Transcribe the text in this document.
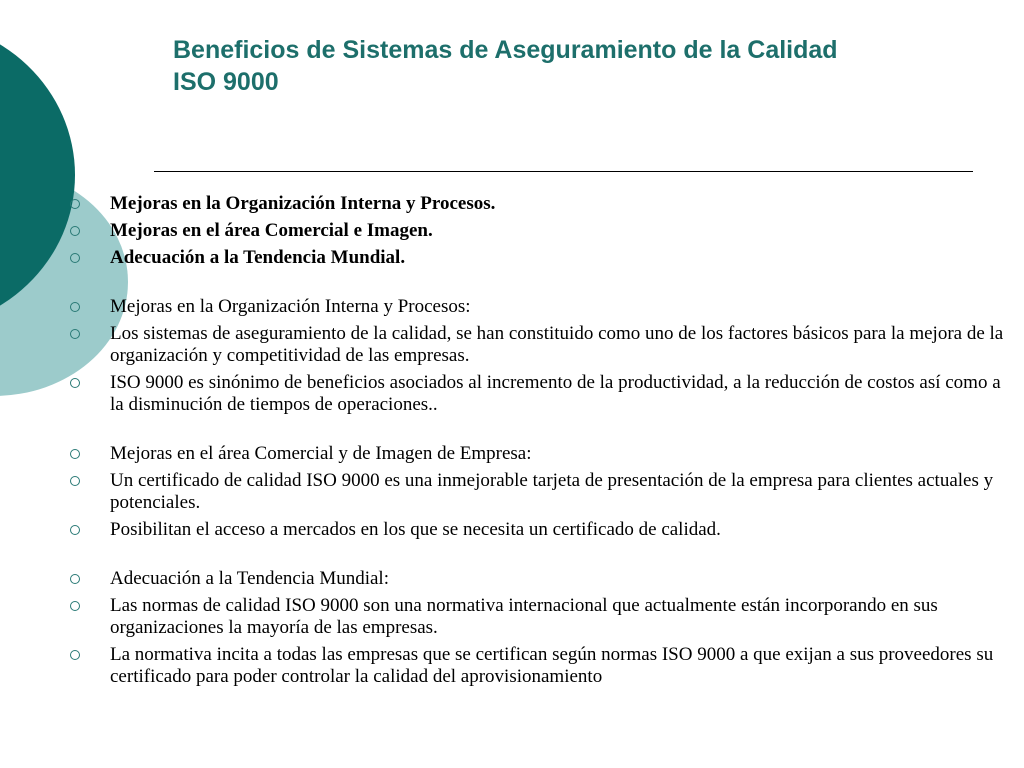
Beneficios de Sistemas de Aseguramiento de la Calidad
ISO 9000
Mejoras en la Organización Interna y Procesos.
Mejoras en el área Comercial e Imagen.
Adecuación a la Tendencia Mundial.
Mejoras en la Organización Interna y Procesos:
Los sistemas de aseguramiento de la calidad, se han constituido como uno de los factores básicos para la mejora de la organización y competitividad de las empresas.
ISO 9000 es sinónimo de beneficios asociados al incremento de la productividad, a la reducción de costos así como a la disminución de tiempos de operaciones..
Mejoras en el área Comercial y de Imagen de Empresa:
Un certificado de calidad ISO 9000 es una inmejorable tarjeta de presentación de la empresa para clientes actuales y potenciales.
Posibilitan el acceso a mercados en los que se necesita un certificado de calidad.
Adecuación a la Tendencia Mundial:
Las normas de calidad ISO 9000 son una normativa internacional que actualmente están incorporando en sus organizaciones la mayoría de las empresas.
La normativa incita a todas las empresas que se certifican según normas ISO 9000 a que exijan a sus proveedores su certificado para poder controlar la calidad del aprovisionamiento
